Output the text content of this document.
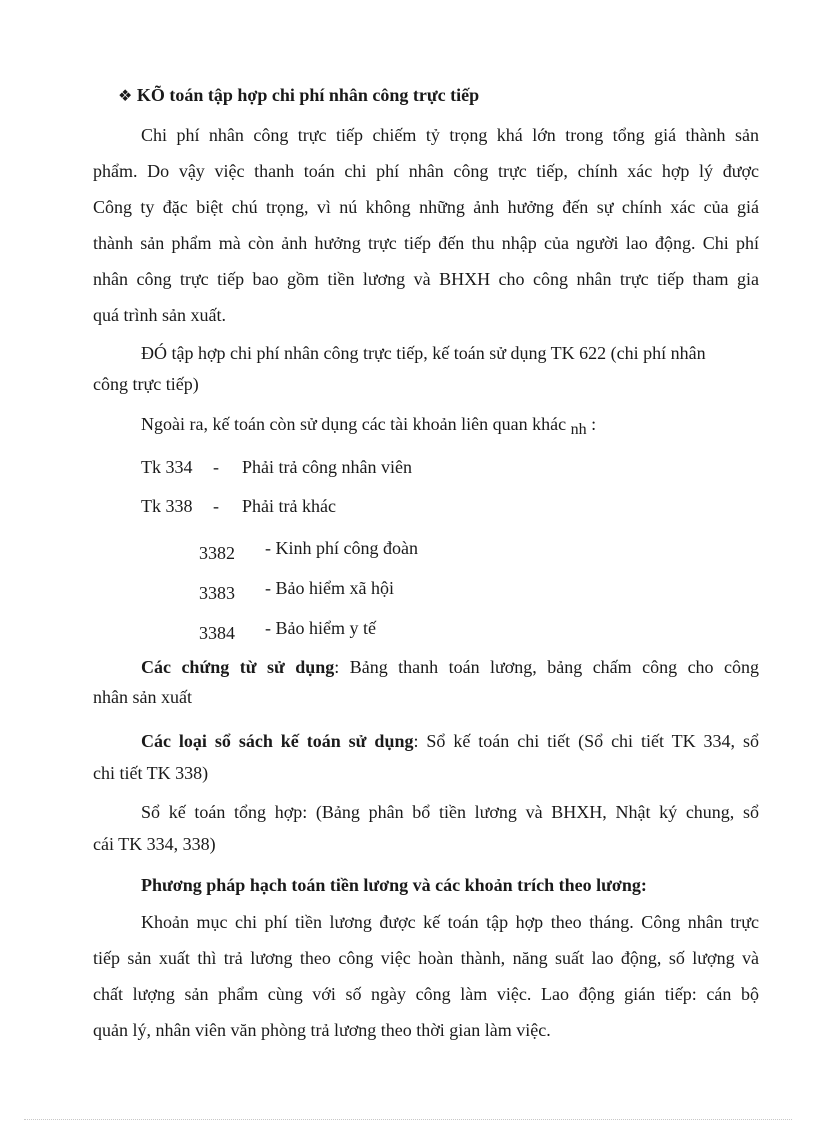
❖ KÕ toán tập hợp chi phí nhân công trực tiếp
Chi phí nhân công trực tiếp chiếm tỷ trọng khá lớn trong tổng giá thành sản
phẩm. Do vậy việc thanh toán chi phí nhân công trực tiếp, chính xác hợp lý được
Công ty đặc biệt chú trọng, vì nú không những ảnh hưởng đến sự chính xác của giá
thành sản phẩm mà còn ảnh hưởng trực tiếp đến thu nhập của người lao động. Chi phí
nhân công trực tiếp bao gồm tiền lương và BHXH cho công nhân trực tiếp tham gia
quá trình sản xuất.
ĐÓ tập hợp chi phí nhân công trực tiếp, kế toán sử dụng TK 622 (chi phí nhân
công trực tiếp)
Ngoài ra, kế toán còn sử dụng các tài khoản liên quan khác nh :
Tk 334 - Phải trả công nhân viên
Tk 338 - Phải trả khác
3382 - Kinh phí công đoàn
3383 - Bảo hiểm xã hội
3384 - Bảo hiểm y tế
Các chứng từ sử dụng: Bảng thanh toán lương, bảng chấm công cho công
nhân sản xuất
Các loại sổ sách kế toán sử dụng: Sổ kế toán chi tiết (Sổ chi tiết TK 334, sổ
chi tiết TK 338)
Sổ kế toán tổng hợp: (Bảng phân bổ tiền lương và BHXH, Nhật ký chung, sổ
cái TK 334, 338)
Phương pháp hạch toán tiền lương và các khoản trích theo lương:
Khoản mục chi phí tiền lương được kế toán tập hợp theo tháng. Công nhân trực
tiếp sản xuất thì trả lương theo công việc hoàn thành, năng suất lao động, số lượng và
chất lượng sản phẩm cùng với số ngày công làm việc. Lao động gián tiếp: cán bộ
quản lý, nhân viên văn phòng trả lương theo thời gian làm việc.
